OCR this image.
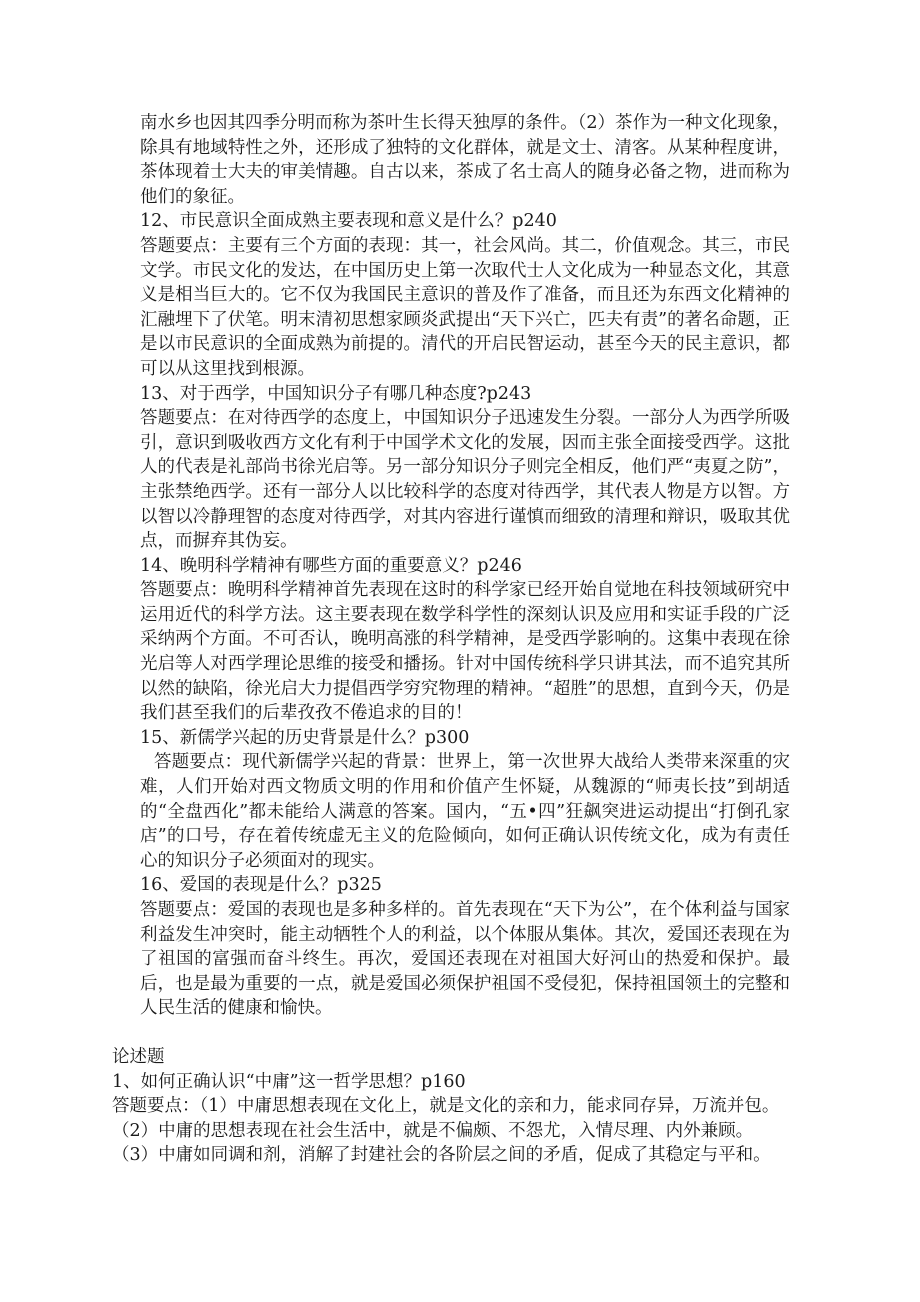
南水乡也因其四季分明而称为茶叶生长得天独厚的条件。（2）茶作为一种文化现象，除具有地域特性之外，还形成了独特的文化群体，就是文士、清客。从某种程度讲，茶体现着士大夫的审美情趣。自古以来，茶成了名士高人的随身必备之物，进而称为他们的象征。

12、市民意识全面成熟主要表现和意义是什么？p240

答题要点：主要有三个方面的表现：其一，社会风尚。其二，价值观念。其三，市民文学。市民文化的发达，在中国历史上第一次取代士人文化成为一种显态文化，其意义是相当巨大的。它不仅为我国民主意识的普及作了准备，而且还为东西文化精神的汇融埋下了伏笔。明末清初思想家顾炎武提出“天下兴亡，匹夫有责”的著名命题，正是以市民意识的全面成熟为前提的。清代的开启民智运动，甚至今天的民主意识，都可以从这里找到根源。

13、对于西学，中国知识分子有哪几种态度?p243

答题要点：在对待西学的态度上，中国知识分子迅速发生分裂。一部分人为西学所吸引，意识到吸收西方文化有利于中国学术文化的发展，因而主张全面接受西学。这批人的代表是礼部尚书徐光启等。另一部分知识分子则完全相反，他们严“夷夏之防”，主张禁绝西学。还有一部分人以比较科学的态度对待西学，其代表人物是方以智。方以智以冷静理智的态度对待西学，对其内容进行谨慎而细致的清理和辩识，吸取其优点，而摒弃其伪妄。

14、晚明科学精神有哪些方面的重要意义？p246

答题要点：晚明科学精神首先表现在这时的科学家已经开始自觉地在科技领域研究中运用近代的科学方法。这主要表现在数学科学性的深刻认识及应用和实证手段的广泛采纳两个方面。不可否认，晚明高涨的科学精神，是受西学影响的。这集中表现在徐光启等人对西学理论思维的接受和播扬。针对中国传统科学只讲其法，而不追究其所以然的缺陷，徐光启大力提倡西学穷究物理的精神。“超胜”的思想，直到今天，仍是我们甚至我们的后辈孜孜不倦追求的目的！

15、新儒学兴起的历史背景是什么？p300

答题要点：现代新儒学兴起的背景：世界上，第一次世界大战给人类带来深重的灾难，人们开始对西文物质文明的作用和价值产生怀疑，从魏源的“师夷长技”到胡适的“全盘西化”都未能给人满意的答案。国内，“五•四”狂飙突进运动提出“打倒孔家店”的口号，存在着传统虚无主义的危险倾向，如何正确认识传统文化，成为有责任心的知识分子必须面对的现实。

16、爱国的表现是什么？p325

答题要点：爱国的表现也是多种多样的。首先表现在“天下为公”，在个体利益与国家利益发生冲突时，能主动牺牲个人的利益，以个体服从集体。其次，爱国还表现在为了祖国的富强而奋斗终生。再次，爱国还表现在对祖国大好河山的热爱和保护。最后，也是最为重要的一点，就是爱国必须保护祖国不受侵犯，保持祖国领土的完整和人民生活的健康和愉快。

论述题

1、如何正确认识“中庸”这一哲学思想？p160

答题要点：（1）中庸思想表现在文化上，就是文化的亲和力，能求同存异，万流并包。

（2）中庸的思想表现在社会生活中，就是不偏颇、不怨尤，入情尽理、内外兼顾。

（3）中庸如同调和剂，消解了封建社会的各阶层之间的矛盾，促成了其稳定与平和。
